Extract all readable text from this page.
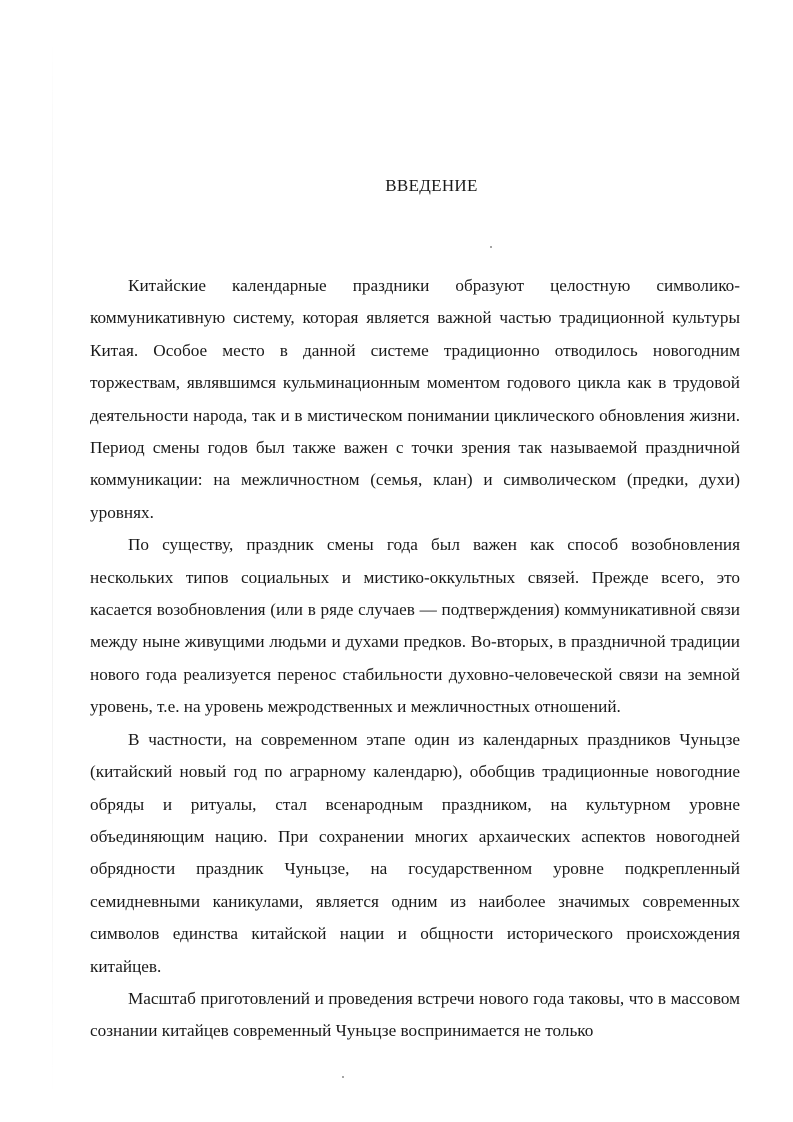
ВВЕДЕНИЕ

Китайские календарные праздники образуют целостную символико-коммуникативную систему, которая является важной частью традиционной культуры Китая. Особое место в данной системе традиционно отводилось новогодним торжествам, являвшимся кульминационным моментом годового цикла как в трудовой деятельности народа, так и в мистическом понимании циклического обновления жизни. Период смены годов был также важен с точки зрения так называемой праздничной коммуникации: на межличностном (семья, клан) и символическом (предки, духи) уровнях.

По существу, праздник смены года был важен как способ возобновления нескольких типов социальных и мистико-оккультных связей. Прежде всего, это касается возобновления (или в ряде случаев — подтверждения) коммуникативной связи между ныне живущими людьми и духами предков. Во-вторых, в праздничной традиции нового года реализуется перенос стабильности духовно-человеческой связи на земной уровень, т.е. на уровень межродственных и межличностных отношений.

В частности, на современном этапе один из календарных праздников Чуньцзе (китайский новый год по аграрному календарю), обобщив традиционные новогодние обряды и ритуалы, стал всенародным праздником, на культурном уровне объединяющим нацию. При сохранении многих архаических аспектов новогодней обрядности праздник Чуньцзе, на государственном уровне подкрепленный семидневными каникулами, является одним из наиболее значимых современных символов единства китайской нации и общности исторического происхождения китайцев.

Масштаб приготовлений и проведения встречи нового года таковы, что в массовом сознании китайцев современный Чуньцзе воспринимается не только
